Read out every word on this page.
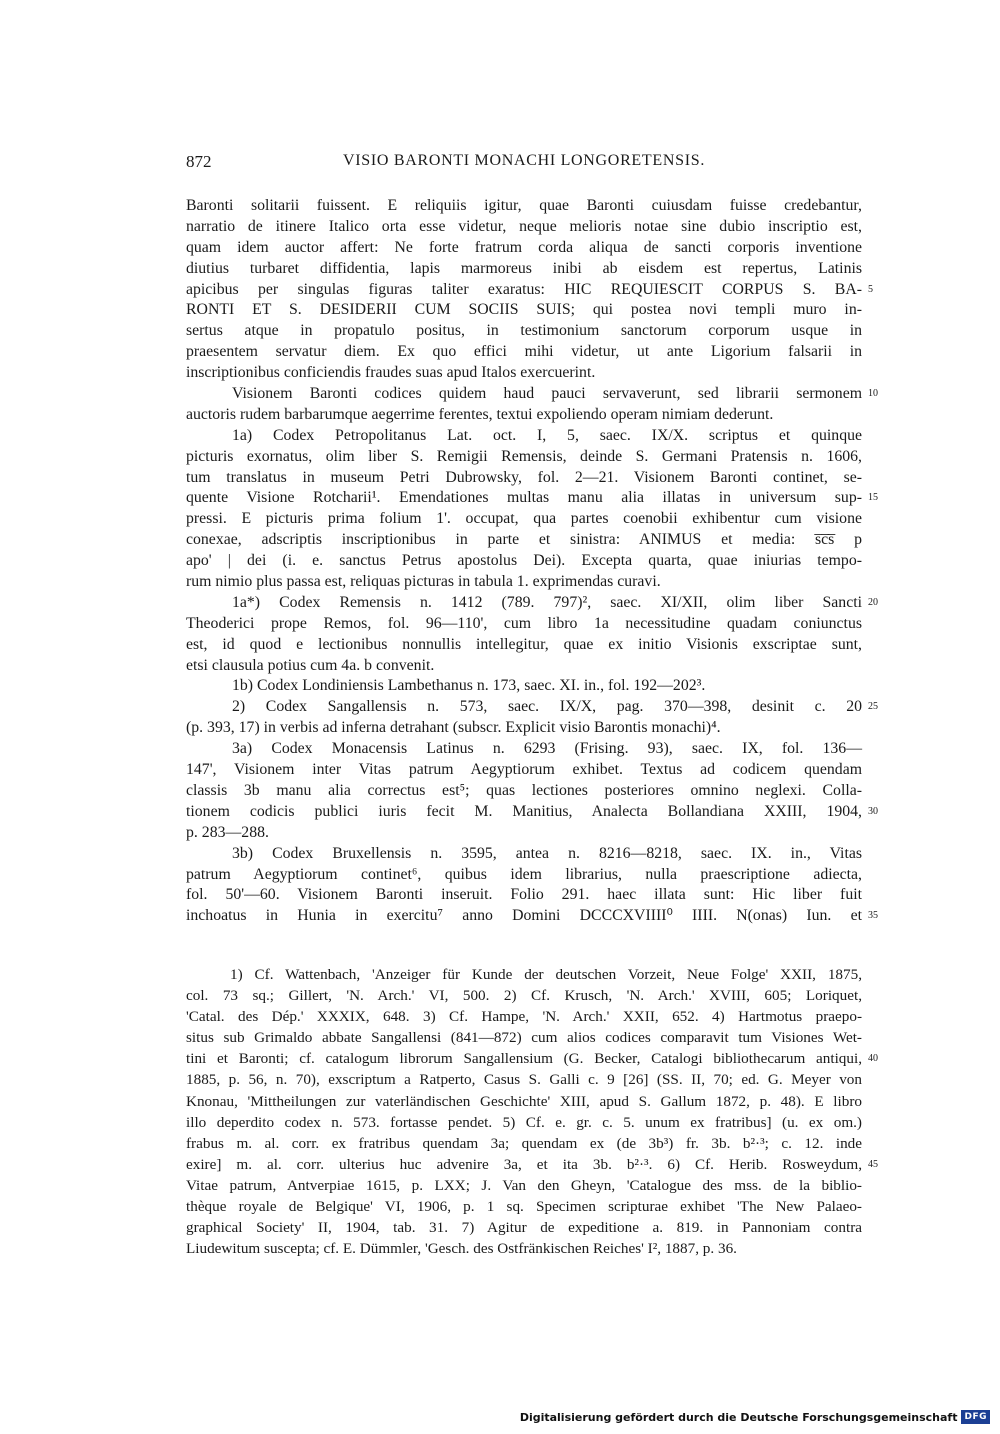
872	VISIO BARONTI MONACHI LONGORETENSIS.
Baronti solitarii fuissent. E reliquiis igitur, quae Baronti cuiusdam fuisse credebantur,
narratio de itinere Italico orta esse videtur, neque melioris notae sine dubio inscriptio est,
quam idem auctor affert: Ne forte fratrum corda aliqua de sancti corporis inventione
diutius turbaret diffidentia, lapis marmoreus inibi ab eisdem est repertus, Latinis
apicibus per singulas figuras taliter exaratus: HIC REQUIESCIT CORPUS S. BA- 5
RONTI ET S. DESIDERII CUM SOCIIS SUIS; qui postea novi templi muro in-
sertus atque in propatulo positus, in testimonium sanctorum corporum usque in
praesentem servatur diem. Ex quo effici mihi videtur, ut ante Ligorium falsarii in
inscriptionibus conficiendis fraudes suas apud Italos exercuerint.
Visionem Baronti codices quidem haud pauci servaverunt, sed librarii sermonem 10
auctoris rudem barbarumque aegerrime ferentes, textui expoliendo operam nimiam dederunt.
1a) Codex Petropolitanus Lat. oct. I, 5, saec. IX/X. scriptus et quinque
picturis exornatus, olim liber S. Remigii Remensis, deinde S. Germani Pratensis n. 1606,
tum translatus in museum Petri Dubrowsky, fol. 2—21. Visionem Baronti continet, se-
quente Visione Rotcharii¹. Emendationes multas manu alia illatas in universum sup- 15
pressi. E picturis prima folium 1'. occupat, qua partes coenobii exhibentur cum visione
conexae, adscriptis inscriptionibus in parte et sinistra: ANIMUS et media: s̅c̅s̅ p
apo' | dei (i. e. sanctus Petrus apostolus Dei). Excepta quarta, quae iniurias tempo-
rum nimio plus passa est, reliquas picturas in tabula 1. exprimendas curavi.
1a*) Codex Remensis n. 1412 (789. 797)², saec. XI/XII, olim liber Sancti 20
Theoderici prope Remos, fol. 96—110', cum libro 1a necessitudine quadam coniunctus
est, id quod e lectionibus nonnullis intellegitur, quae ex initio Visionis exscriptae sunt,
etsi clausula potius cum 4a. b convenit.
1b) Codex Londiniensis Lambethanus n. 173, saec. XI. in., fol. 192—202³.
2) Codex Sangallensis n. 573, saec. IX/X, pag. 370—398, desinit c. 20 25
(p. 393, 17) in verbis ad inferna detrahant (subscr. Explicit visio Barontis monachi)⁴.
3a) Codex Monacensis Latinus n. 6293 (Frising. 93), saec. IX, fol. 136—
147', Visionem inter Vitas patrum Aegyptiorum exhibet. Textus ad codicem quendam
classis 3b manu alia correctus est⁵; quas lectiones posteriores omnino neglexi. Colla-
tionem codicis publici iuris fecit M. Manitius, Analecta Bollandiana XXIII, 1904, 30
p. 283—288.
3b) Codex Bruxellensis n. 3595, antea n. 8216—8218, saec. IX. in., Vitas
patrum Aegyptiorum continet⁶, quibus idem librarius, nulla praescriptione adiecta,
fol. 50'—60. Visionem Baronti inseruit. Folio 291. haec illata sunt: Hic liber fuit
inchoatus in Hunia in exercitu⁷ anno Domini DCCCXVIIII⁰ IIII. N(onas) Iun. et 35
1) Cf. Wattenbach, 'Anzeiger für Kunde der deutschen Vorzeit, Neue Folge' XXII, 1875,
col. 73 sq.; Gillert, 'N. Arch.' VI, 500. 2) Cf. Krusch, 'N. Arch.' XVIII, 605; Loriquet,
'Catal. des Dép.' XXXIX, 648. 3) Cf. Hampe, 'N. Arch.' XXII, 652. 4) Hartmotus praepo-
situs sub Grimaldo abbate Sangallensi (841—872) cum alios codices comparavit tum Visiones Wet-
tini et Baronti; cf. catalogum librorum Sangallensium (G. Becker, Catalogi bibliothecarum antiqui, 40
1885, p. 56, n. 70), exscriptum a Ratperto, Casus S. Galli c. 9 [26] (SS. II, 70; ed. G. Meyer von
Knonau, 'Mittheilungen zur vaterländischen Geschichte' XIII, apud S. Gallum 1872, p. 48). E libro
illo deperdito codex n. 573. fortasse pendet. 5) Cf. e. gr. c. 5. unum ex fratribus] (u. ex om.)
frabus m. al. corr. ex fratribus quendam 3a; quendam ex (de 3b³) fr. 3b. b²·³; c. 12. inde
exire] m. al. corr. ulterius huc advenire 3a, et ita 3b. b²·³. 6) Cf. Herib. Rosweydum, 45
Vitae patrum, Antverpiae 1615, p. LXX; J. Van den Gheyn, 'Catalogue des mss. de la biblio-
thèque royale de Belgique' VI, 1906, p. 1 sq. Specimen scripturae exhibet 'The New Palaeo-
graphical Society' II, 1904, tab. 31. 7) Agitur de expeditione a. 819. in Pannoniam contra
Liudewitum suscepta; cf. E. Dümmler, 'Gesch. des Ostfränkischen Reiches' I², 1887, p. 36.
Digitalisierung gefördert durch die Deutsche Forschungsgemeinschaft DFG
